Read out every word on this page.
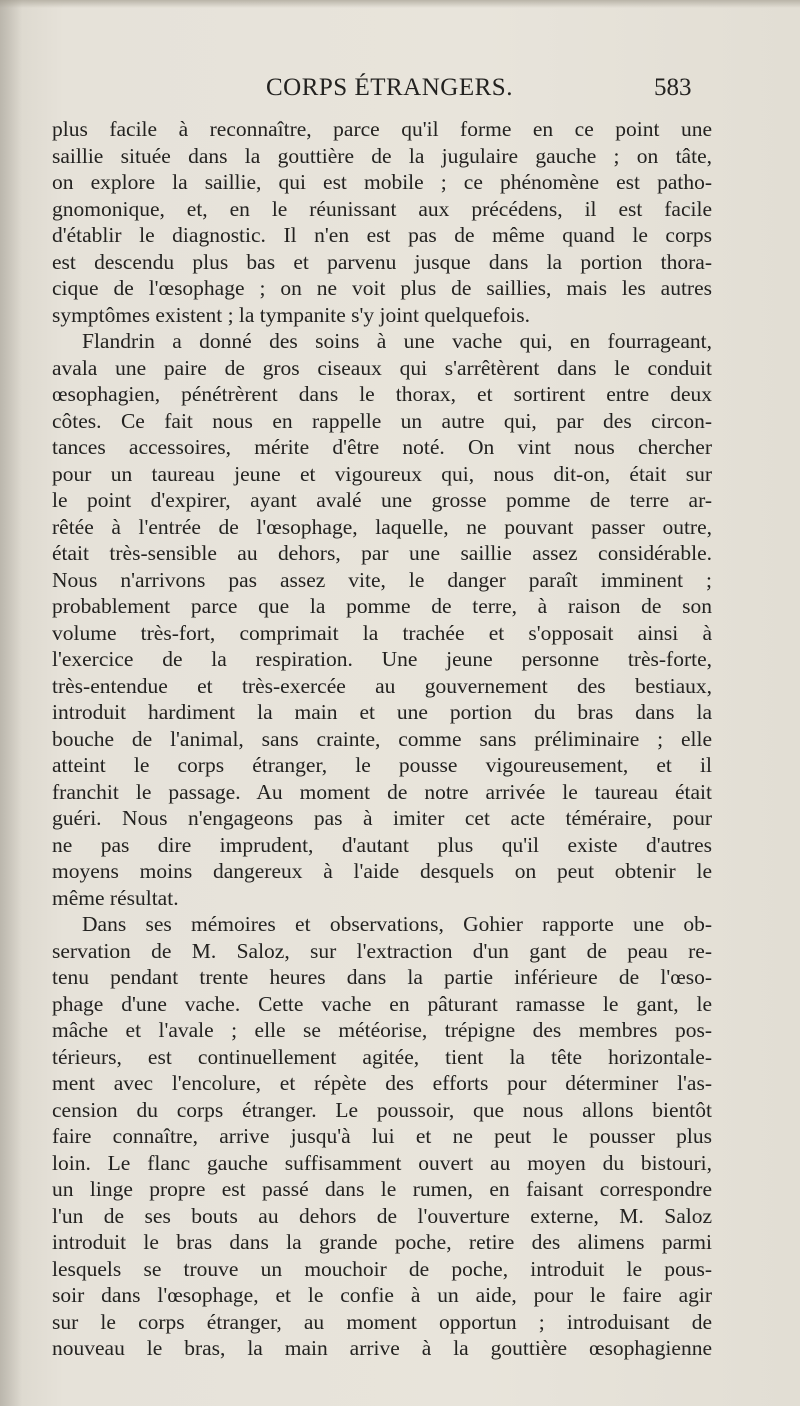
CORPS ÉTRANGERS.	583
plus facile à reconnaître, parce qu'il forme en ce point une
saillie située dans la gouttière de la jugulaire gauche ; on tâte,
on explore la saillie, qui est mobile ; ce phénomène est patho-
gnomonique, et, en le réunissant aux précédens, il est facile
d'établir le diagnostic. Il n'en est pas de même quand le corps
est descendu plus bas et parvenu jusque dans la portion thora-
cique de l'œsophage ; on ne voit plus de saillies, mais les autres
symptômes existent ; la tympanite s'y joint quelquefois.
Flandrin a donné des soins à une vache qui, en fourrageant,
avala une paire de gros ciseaux qui s'arrêtèrent dans le conduit
œsophagien, pénétrèrent dans le thorax, et sortirent entre deux
côtes. Ce fait nous en rappelle un autre qui, par des circon-
tances accessoires, mérite d'être noté. On vint nous chercher
pour un taureau jeune et vigoureux qui, nous dit-on, était sur
le point d'expirer, ayant avalé une grosse pomme de terre ar-
rêtée à l'entrée de l'œsophage, laquelle, ne pouvant passer outre,
était très-sensible au dehors, par une saillie assez considérable.
Nous n'arrivons pas assez vite, le danger paraît imminent ;
probablement parce que la pomme de terre, à raison de son
volume très-fort, comprimait la trachée et s'opposait ainsi à
l'exercice de la respiration. Une jeune personne très-forte,
très-entendue et très-exercée au gouvernement des bestiaux,
introduit hardiment la main et une portion du bras dans la
bouche de l'animal, sans crainte, comme sans préliminaire ; elle
atteint le corps étranger, le pousse vigoureusement, et il
franchit le passage. Au moment de notre arrivée le taureau était
guéri. Nous n'engageons pas à imiter cet acte téméraire, pour
ne pas dire imprudent, d'autant plus qu'il existe d'autres
moyens moins dangereux à l'aide desquels on peut obtenir le
même résultat.
Dans ses mémoires et observations, Gohier rapporte une ob-
servation de M. Saloz, sur l'extraction d'un gant de peau re-
tenu pendant trente heures dans la partie inférieure de l'œso-
phage d'une vache. Cette vache en pâturant ramasse le gant, le
mâche et l'avale ; elle se météorise, trépigne des membres pos-
térieurs, est continuellement agitée, tient la tête horizontale-
ment avec l'encolure, et répète des efforts pour déterminer l'as-
cension du corps étranger. Le poussoir, que nous allons bientôt
faire connaître, arrive jusqu'à lui et ne peut le pousser plus
loin. Le flanc gauche suffisamment ouvert au moyen du bistouri,
un linge propre est passé dans le rumen, en faisant correspondre
l'un de ses bouts au dehors de l'ouverture externe, M. Saloz
introduit le bras dans la grande poche, retire des alimens parmi
lesquels se trouve un mouchoir de poche, introduit le pous-
soir dans l'œsophage, et le confie à un aide, pour le faire agir
sur le corps étranger, au moment opportun ; introduisant de
nouveau le bras, la main arrive à la gouttière œsophagienne
